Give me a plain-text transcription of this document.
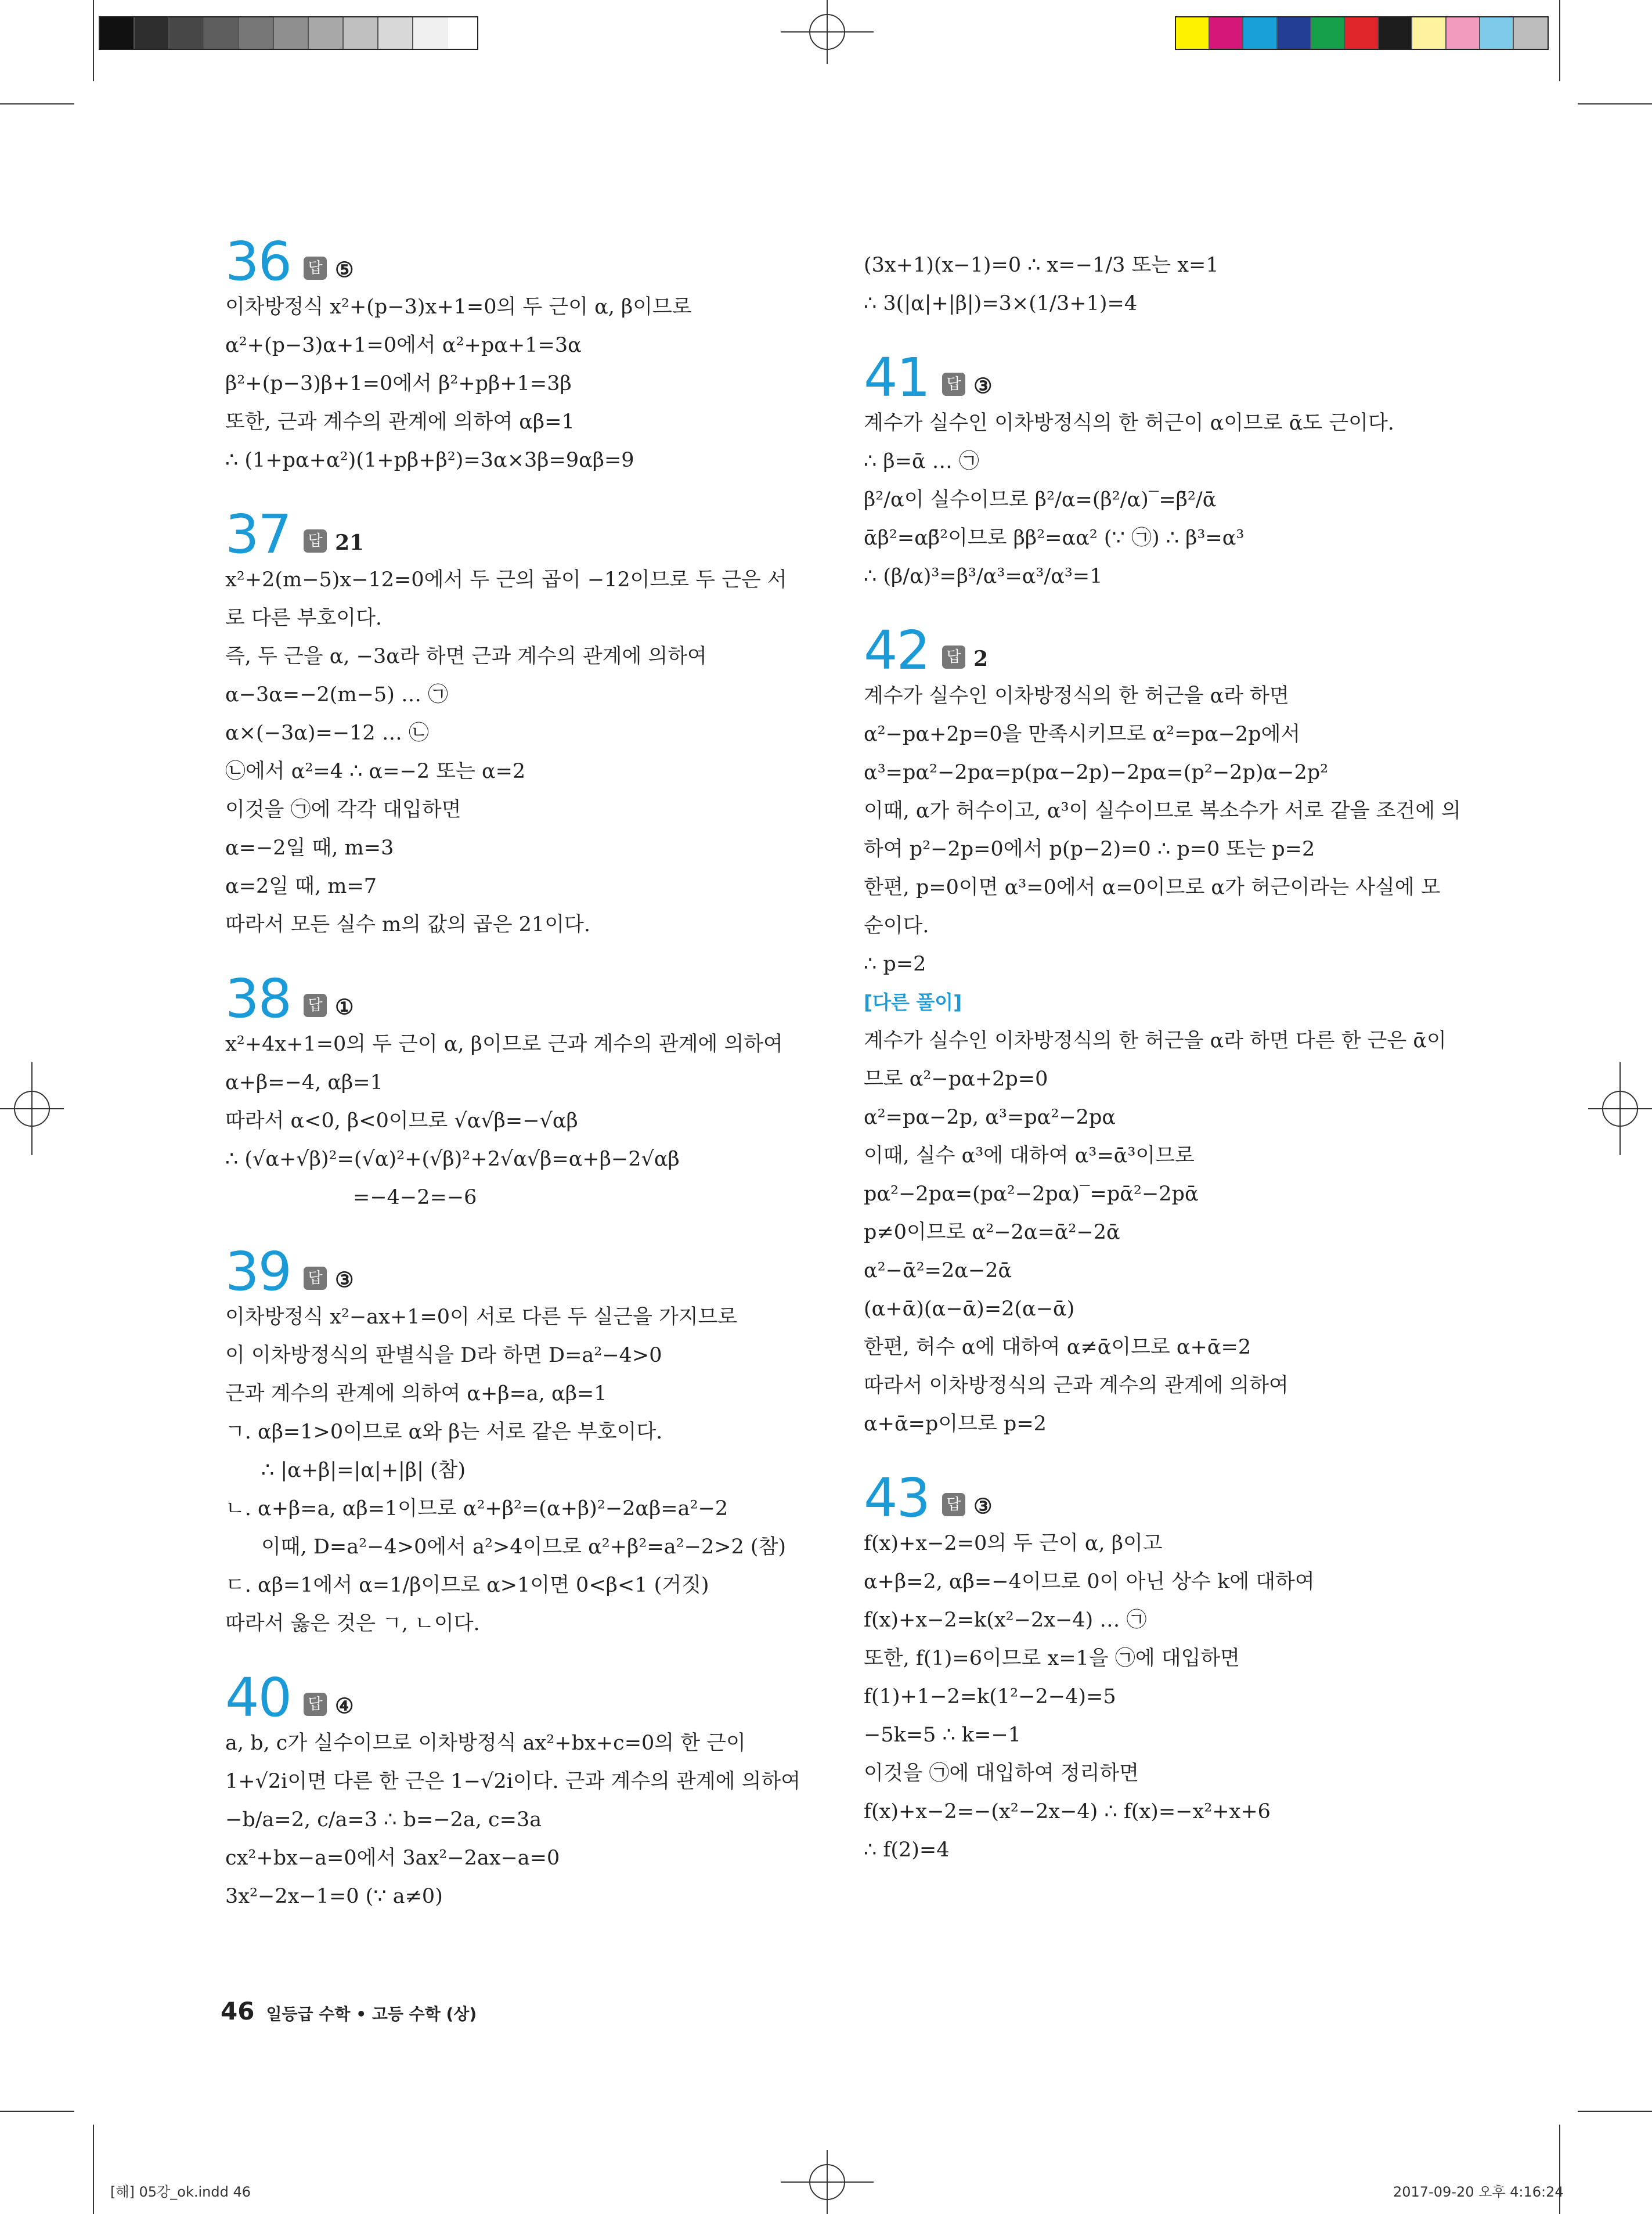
36 답 ⑤
이차방정식 x²+(p−3)x+1=0의 두 근이 α, β이므로
α²+(p−3)α+1=0에서 α²+pα+1=3α
β²+(p−3)β+1=0에서 β²+pβ+1=3β
또한, 근과 계수의 관계에 의하여 αβ=1
∴ (1+pα+α²)(1+pβ+β²)=3α×3β=9αβ=9
37 답 21
x²+2(m−5)x−12=0에서 두 근의 곱이 −12이므로 두 근은 서
로 다른 부호이다.
즉, 두 근을 α, −3α라 하면 근과 계수의 관계에 의하여
α−3α=−2(m−5) … ㉠
α×(−3α)=−12 … ㉡
㉡에서 α²=4 ∴ α=−2 또는 α=2
이것을 ㉠에 각각 대입하면
α=−2일 때, m=3
α=2일 때, m=7
따라서 모든 실수 m의 값의 곱은 21이다.
38 답 ①
x²+4x+1=0의 두 근이 α, β이므로 근과 계수의 관계에 의하여
α+β=−4, αβ=1
따라서 α<0, β<0이므로 √α√β=−√αβ
∴ (√α+√β)²=(√α)²+(√β)²+2√α√β=α+β−2√αβ
=−4−2=−6
39 답 ③
이차방정식 x²−ax+1=0이 서로 다른 두 실근을 가지므로
이 이차방정식의 판별식을 D라 하면 D=a²−4>0
근과 계수의 관계에 의하여 α+β=a, αβ=1
ㄱ. αβ=1>0이므로 α와 β는 서로 같은 부호이다.
∴ |α+β|=|α|+|β| (참)
ㄴ. α+β=a, αβ=1이므로 α²+β²=(α+β)²−2αβ=a²−2
이때, D=a²−4>0에서 a²>4이므로 α²+β²=a²−2>2 (참)
ㄷ. αβ=1에서 α=1/β이므로 α>1이면 0<β<1 (거짓)
따라서 옳은 것은 ㄱ, ㄴ이다.
40 답 ④
a, b, c가 실수이므로 이차방정식 ax²+bx+c=0의 한 근이
1+√2i이면 다른 한 근은 1−√2i이다. 근과 계수의 관계에 의하여
−b/a=2, c/a=3 ∴ b=−2a, c=3a
cx²+bx−a=0에서 3ax²−2ax−a=0
3x²−2x−1=0 (∵ a≠0)
(3x+1)(x−1)=0 ∴ x=−1/3 또는 x=1
∴ 3(|α|+|β|)=3×(1/3+1)=4
41 답 ③
계수가 실수인 이차방정식의 한 허근이 α이므로 ᾱ도 근이다.
∴ β=ᾱ … ㉠
β²/α이 실수이므로 β²/α=(β²/α)‾=β̄²/ᾱ
ᾱβ²=αβ̄²이므로 ββ²=αα² (∵ ㉠) ∴ β³=α³
∴ (β/α)³=β³/α³=α³/α³=1
42 답 2
계수가 실수인 이차방정식의 한 허근을 α라 하면
α²−pα+2p=0을 만족시키므로 α²=pα−2p에서
α³=pα²−2pα=p(pα−2p)−2pα=(p²−2p)α−2p²
이때, α가 허수이고, α³이 실수이므로 복소수가 서로 같을 조건에 의
하여 p²−2p=0에서 p(p−2)=0 ∴ p=0 또는 p=2
한편, p=0이면 α³=0에서 α=0이므로 α가 허근이라는 사실에 모
순이다.
∴ p=2
[다른 풀이]
계수가 실수인 이차방정식의 한 허근을 α라 하면 다른 한 근은 ᾱ이
므로 α²−pα+2p=0
α²=pα−2p, α³=pα²−2pα
이때, 실수 α³에 대하여 α³=ᾱ³이므로
pα²−2pα=(pα²−2pα)‾=pᾱ²−2pᾱ
p≠0이므로 α²−2α=ᾱ²−2ᾱ
α²−ᾱ²=2α−2ᾱ
(α+ᾱ)(α−ᾱ)=2(α−ᾱ)
한편, 허수 α에 대하여 α≠ᾱ이므로 α+ᾱ=2
따라서 이차방정식의 근과 계수의 관계에 의하여
α+ᾱ=p이므로 p=2
43 답 ③
f(x)+x−2=0의 두 근이 α, β이고
α+β=2, αβ=−4이므로 0이 아닌 상수 k에 대하여
f(x)+x−2=k(x²−2x−4) … ㉠
또한, f(1)=6이므로 x=1을 ㉠에 대입하면
f(1)+1−2=k(1²−2−4)=5
−5k=5 ∴ k=−1
이것을 ㉠에 대입하여 정리하면
f(x)+x−2=−(x²−2x−4) ∴ f(x)=−x²+x+6
∴ f(2)=4
46 일등급 수학 • 고등 수학 (상)
[해] 05강_ok.indd 46	2017-09-20 오후 4:16:24
